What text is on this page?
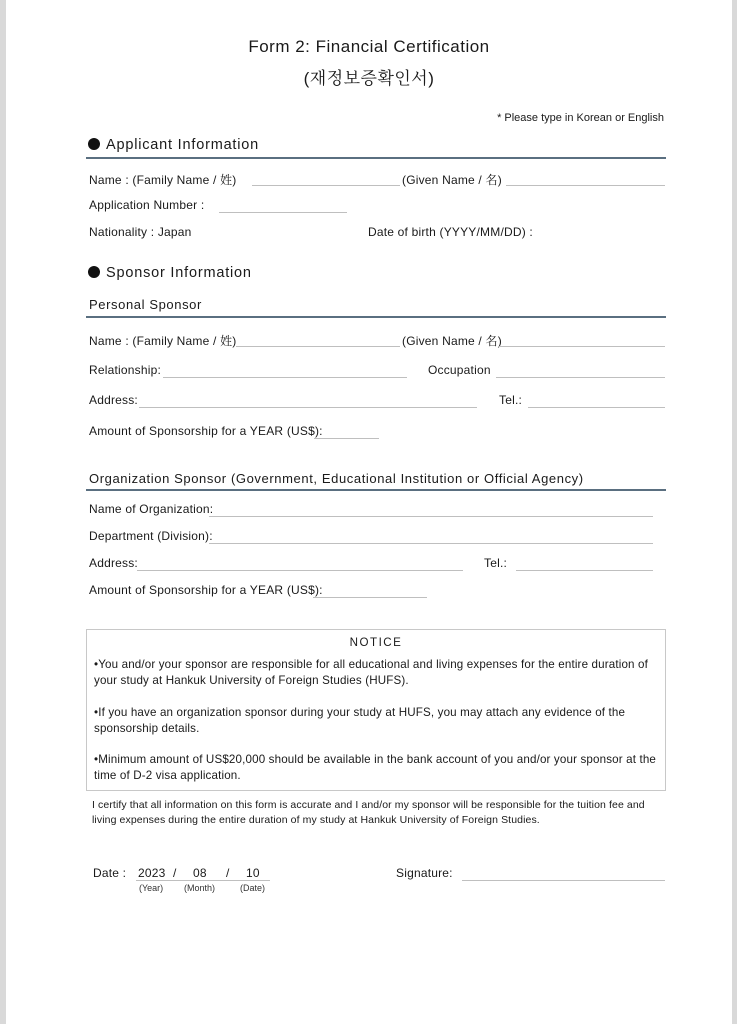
Form 2: Financial Certification
(재정보증확인서)
* Please type in Korean or English
Applicant Information
Name : (Family Name / 姓)	(Given Name / 名)
Application Number :
Nationality : Japan	Date of birth (YYYY/MM/DD) :
Sponsor Information
Personal Sponsor
Name : (Family Name / 姓)	(Given Name / 名)
Relationship:	Occupation
Address:	Tel.:
Amount of Sponsorship for a YEAR (US$):
Organization Sponsor (Government, Educational Institution or Official Agency)
Name of Organization:
Department (Division):
Address:	Tel.:
Amount of Sponsorship for a YEAR (US$):

NOTICE

•You and/or your sponsor are responsible for all educational and living expenses for the entire duration of your study at Hankuk University of Foreign Studies (HUFS).

•If you have an organization sponsor during your study at HUFS, you may attach any evidence of the sponsorship details.

•Minimum amount of US$20,000 should be available in the bank account of you and/or your sponsor at the time of D-2 visa application.

I certify that all information on this form is accurate and I and/or my sponsor will be responsible for the tuition fee and living expenses during the entire duration of my study at Hankuk University of Foreign Studies.
Date : 2023 / 08 / 10
(Year) (Month)	(Date)
Signature:
